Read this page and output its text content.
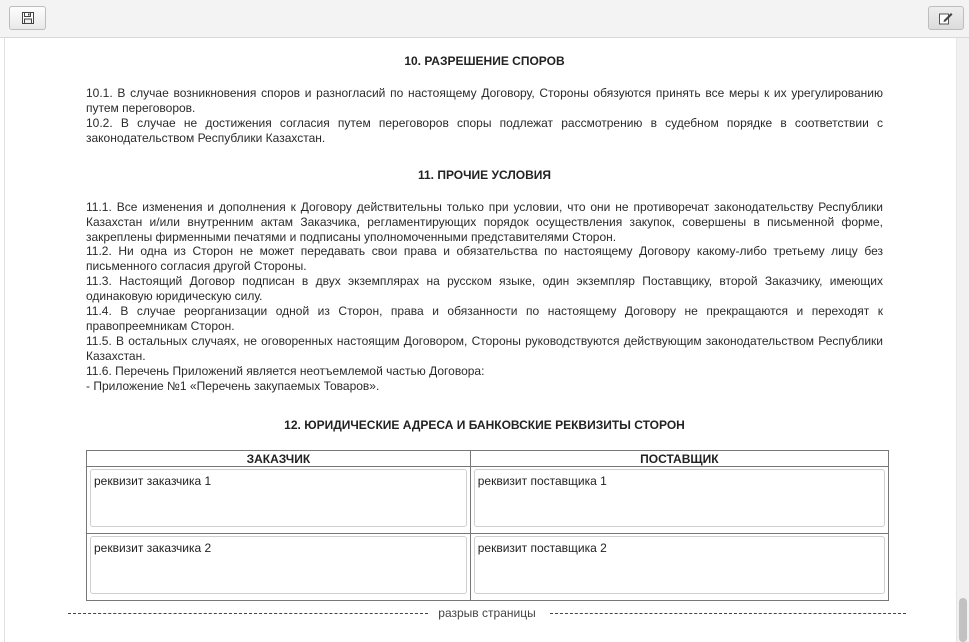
10. РАЗРЕШЕНИЕ СПОРОВ

10.1. В случае возникновения споров и разногласий по настоящему Договору, Стороны обязуются принять все меры к их урегулированию путем переговоров.

10.2. В случае не достижения согласия путем переговоров споры подлежат рассмотрению в судебном порядке в соответствии с законодательством Республики Казахстан.

11. ПРОЧИЕ УСЛОВИЯ

11.1. Все изменения и дополнения к Договору действительны только при условии, что они не противоречат законодательству Республики Казахстан и/или внутренним актам Заказчика, регламентирующих порядок осуществления закупок, совершены в письменной форме, закреплены фирменными печатями и подписаны уполномоченными представителями Сторон.

11.2. Ни одна из Сторон не может передавать свои права и обязательства по настоящему Договору какому-либо третьему лицу без письменного согласия другой Стороны.

11.3. Настоящий Договор подписан в двух экземплярах на русском языке, один экземпляр Поставщику, второй Заказчику, имеющих одинаковую юридическую силу.

11.4. В случае реорганизации одной из Сторон, права и обязанности по настоящему Договору не прекращаются и переходят к правопреемникам Сторон.

11.5. В остальных случаях, не оговоренных настоящим Договором, Стороны руководствуются действующим законодательством Республики Казахстан.

11.6. Перечень Приложений является неотъемлемой частью Договора:

- Приложение №1 «Перечень закупаемых Товаров».

12. ЮРИДИЧЕСКИЕ АДРЕСА И БАНКОВСКИЕ РЕКВИЗИТЫ СТОРОН
ЗАКАЗЧИК	ПОСТАВЩИК

реквизит заказчика 1	реквизит поставщика 1

реквизит заказчика 2	реквизит поставщика 2
разрыв страницы
